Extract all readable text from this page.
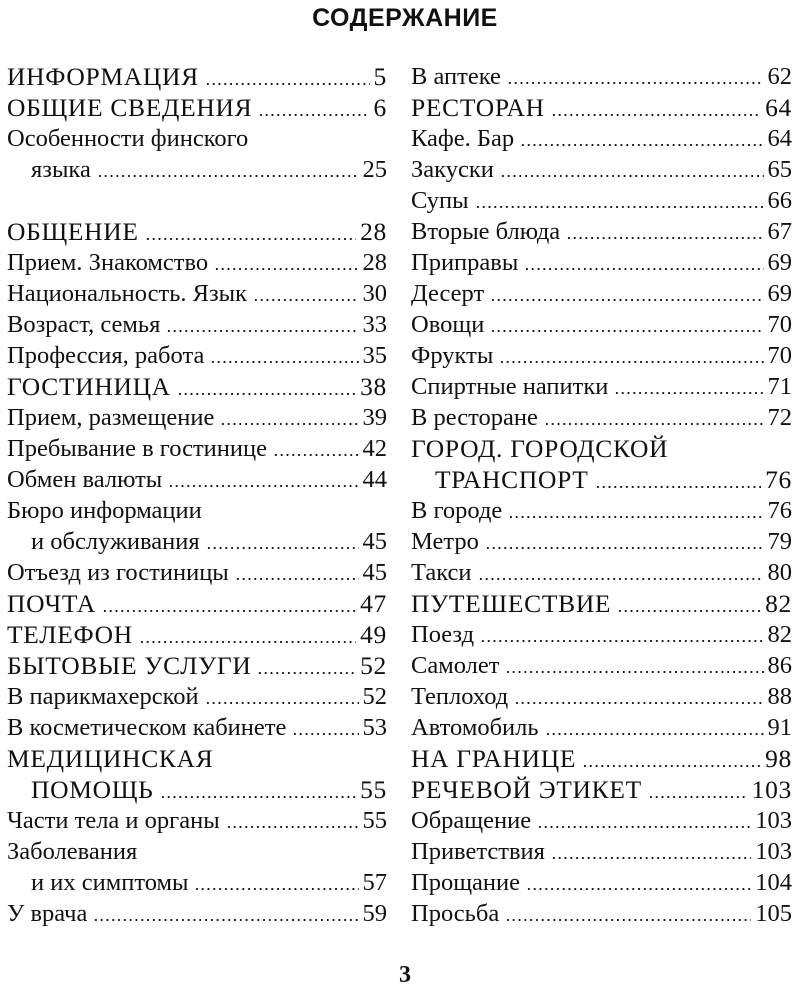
СОДЕРЖАНИЕ
ИНФОРМАЦИЯ	5
ОБЩИЕ СВЕДЕНИЯ	6
Особенности финского
языка	25
ОБЩЕНИЕ	28
Прием. Знакомство	28
Национальность. Язык	30
Возраст, семья	33
Профессия, работа	35
ГОСТИНИЦА	38
Прием, размещение	39
Пребывание в гостинице	42
Обмен валюты	44
Бюро информации
и обслуживания	45
Отъезд из гостиницы	45
ПОЧТА	47
ТЕЛЕФОН	49
БЫТОВЫЕ УСЛУГИ	52
В парикмахерской	52
В косметическом кабинете	53
МЕДИЦИНСКАЯ
ПОМОЩЬ	55
Части тела и органы	55
Заболевания
и их симптомы	57
У врача	59
В аптеке	62
РЕСТОРАН	64
Кафе. Бар	64
Закуски	65
Супы	66
Вторые блюда	67
Приправы	69
Десерт	69
Овощи	70
Фрукты	70
Спиртные напитки	71
В ресторане	72
ГОРОД. ГОРОДСКОЙ
ТРАНСПОРТ	76
В городе	76
Метро	79
Такси	80
ПУТЕШЕСТВИЕ	82
Поезд	82
Самолет	86
Теплоход	88
Автомобиль	91
НА ГРАНИЦЕ	98
РЕЧЕВОЙ ЭТИКЕТ	103
Обращение	103
Приветствия	103
Прощание	104
Просьба	105
3
